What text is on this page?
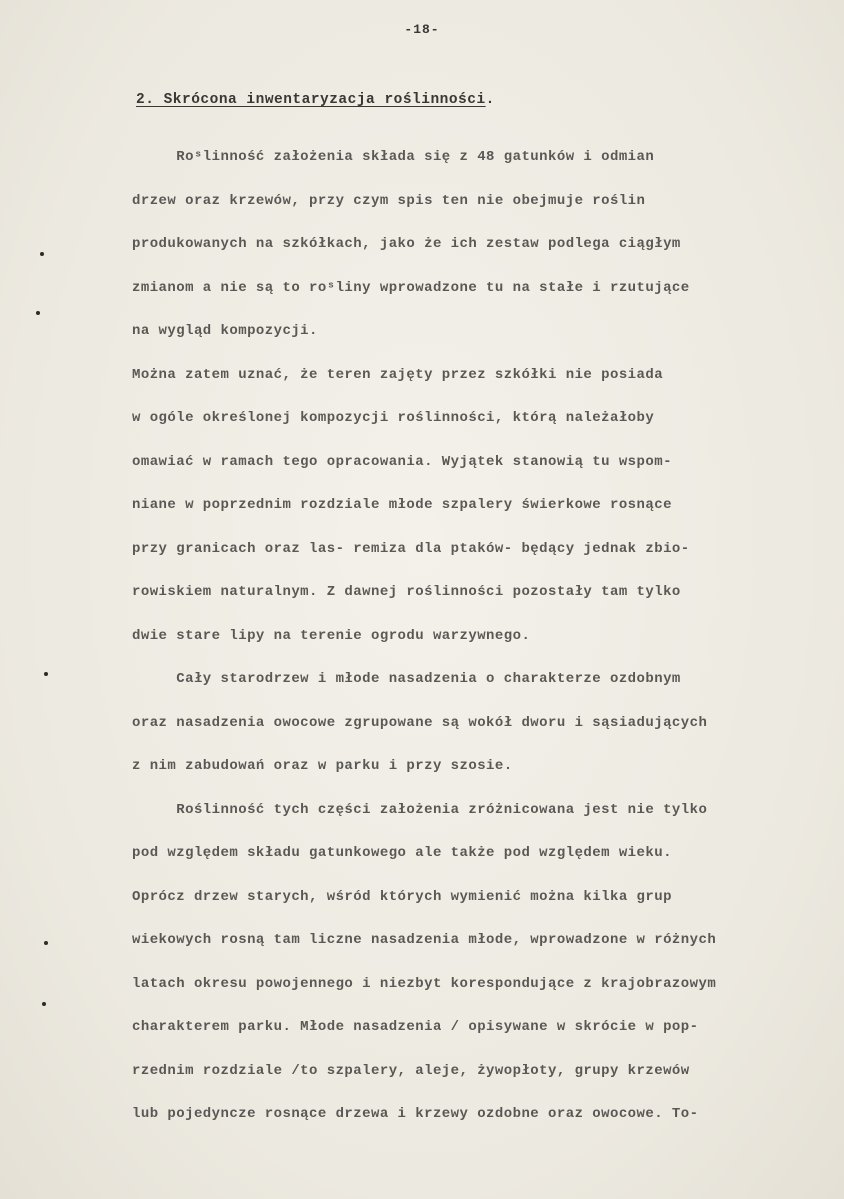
-18-
2. Skrócona inwentaryzacja roślinności.
Roˢlinność założenia składa się z 48 gatunków i odmian
drzew oraz krzewów, przy czym spis ten nie obejmuje roślin
produkowanych na szkółkach, jako że ich zestaw podlega ciągłym
zmianom a nie są to roˢliny wprowadzone tu na stałe i rzutujące
na wygląd kompozycji.
Można zatem uznać, że teren zajęty przez szkółki nie posiada
w ogóle określonej kompozycji roślinności, którą należałoby
omawiać w ramach tego opracowania. Wyjątek stanowią tu wspom-
niane w poprzednim rozdziale młode szpalery świerkowe rosnące
przy granicach oraz las- remiza dla ptaków- będący jednak zbio-
rowiskiem naturalnym. Z dawnej roślinności pozostały tam tylko
dwie stare lipy na terenie ogrodu warzywnego.
Cały starodrzew i młode nasadzenia o charakterze ozdobnym
oraz nasadzenia owocowe zgrupowane są wokół dworu i sąsiadujących
z nim zabudowań oraz w parku i przy szosie.
Roślinność tych części założenia zróżnicowana jest nie tylko
pod względem składu gatunkowego ale także pod względem wieku.
Oprócz drzew starych, wśród których wymienić można kilka grup
wiekowych rosną tam liczne nasadzenia młode, wprowadzone w różnych
latach okresu powojennego i niezbyt korespondujące z krajobrazowym
charakterem parku. Młode nasadzenia / opisywane w skrócie w pop-
rzednim rozdziale /to szpalery, aleje, żywopłoty, grupy krzewów
lub pojedyncze rosnące drzewa i krzewy ozdobne oraz owocowe. To-
